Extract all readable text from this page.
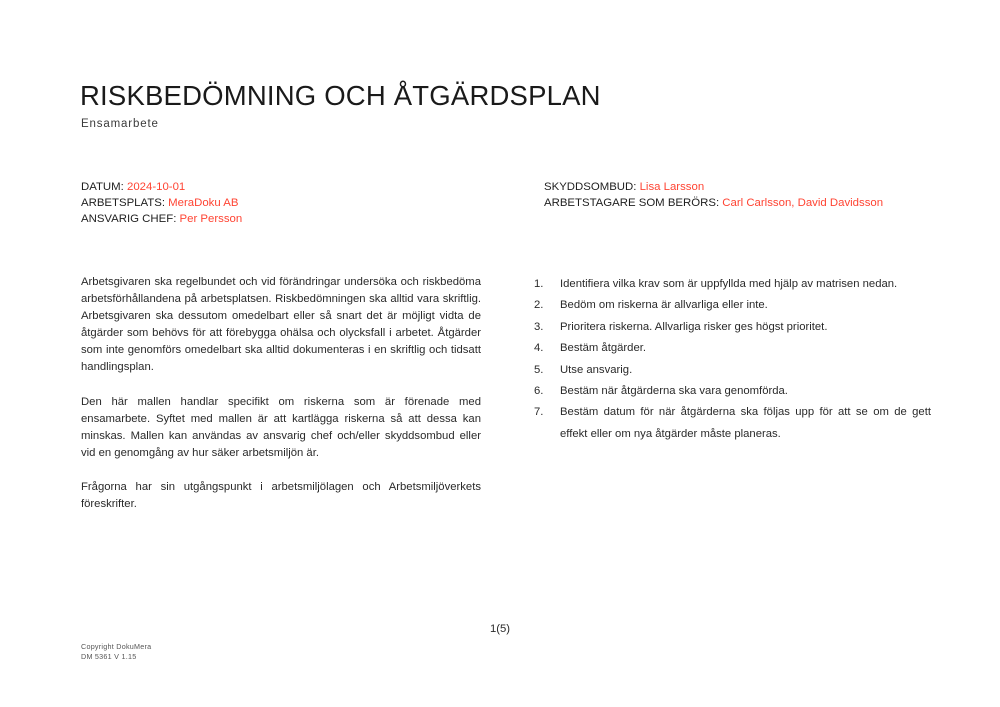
RISKBEDÖMNING OCH ÅTGÄRDSPLAN
Ensamarbete
DATUM: 2024-10-01
ARBETSPLATS: MeraDoku AB
ANSVARIG CHEF: Per Persson
SKYDDSOMBUD: Lisa Larsson
ARBETSTAGARE SOM BERÖRS: Carl Carlsson, David Davidsson

Arbetsgivaren ska regelbundet och vid förändringar undersöka och riskbedöma arbetsförhållandena på arbetsplatsen. Riskbedömningen ska alltid vara skriftlig. Arbetsgivaren ska dessutom omedelbart eller så snart det är möjligt vidta de åtgärder som behövs för att förebygga ohälsa och olycksfall i arbetet. Åtgärder som inte genomförs omedelbart ska alltid dokumenteras i en skriftlig och tidsatt handlingsplan.

Den här mallen handlar specifikt om riskerna som är förenade med ensamarbete. Syftet med mallen är att kartlägga riskerna så att dessa kan minskas. Mallen kan användas av ansvarig chef och/eller skyddsombud eller vid en genomgång av hur säker arbetsmiljön är.

Frågorna har sin utgångspunkt i arbetsmiljölagen och Arbetsmiljöverkets föreskrifter.

1.	Identifiera vilka krav som är uppfyllda med hjälp av matrisen nedan.
2.	Bedöm om riskerna är allvarliga eller inte.
3.	Prioritera riskerna. Allvarliga risker ges högst prioritet.
4.	Bestäm åtgärder.
5.	Utse ansvarig.
6.	Bestäm när åtgärderna ska vara genomförda.
7.	Bestäm datum för när åtgärderna ska följas upp för att se om de gett effekt eller om nya åtgärder måste planeras.
1(5)
Copyright DokuMera
DM 5361 V 1.15
